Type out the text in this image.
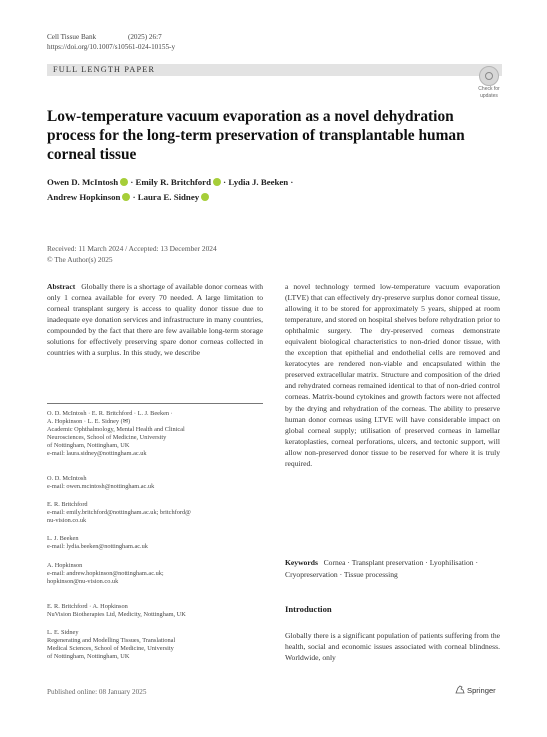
Cell Tissue Bank	(2025) 26:7
https://doi.org/10.1007/s10561-024-10155-y
FULL LENGTH PAPER
Check for
updates
Low-temperature vacuum evaporation as a novel dehydration process for the long-term preservation of transplantable human corneal tissue
Owen D. McIntosh · Emily R. Britchford · Lydia J. Beeken ·
Andrew Hopkinson · Laura E. Sidney
Received: 11 March 2024 / Accepted: 13 December 2024
© The Author(s) 2025
Abstract Globally there is a shortage of available donor corneas with only 1 cornea available for every 70 needed. A large limitation to corneal transplant surgery is access to quality donor tissue due to inadequate eye donation services and infrastructure in many countries, compounded by the fact that there are few available long-term storage solutions for effectively preserving spare donor corneas collected in countries with a surplus. In this study, we describe
O. D. McIntosh · E. R. Britchford · L. J. Beeken ·
A. Hopkinson · L. E. Sidney (✉)
Academic Ophthalmology, Mental Health and Clinical
Neurosciences, School of Medicine, University
of Nottingham, Nottingham, UK
e-mail: laura.sidney@nottingham.ac.uk
O. D. McIntosh
e-mail: owen.mcintosh@nottingham.ac.uk
E. R. Britchford
e-mail: emily.britchford@nottingham.ac.uk; britchford@
nu-vision.co.uk
L. J. Beeken
e-mail: lydia.beeken@nottingham.ac.uk
A. Hopkinson
e-mail: andrew.hopkinson@nottingham.ac.uk;
hopkinson@nu-vision.co.uk
E. R. Britchford · A. Hopkinson
NuVision Biotherapies Ltd, Medicity, Nottingham, UK
L. E. Sidney
Regenerating and Modelling Tissues, Translational
Medical Sciences, School of Medicine, University
of Nottingham, Nottingham, UK
a novel technology termed low-temperature vacuum evaporation (LTVE) that can effectively dry-preserve surplus donor corneal tissue, allowing it to be stored for approximately 5 years, shipped at room temperature, and stored on hospital shelves before rehydration prior to ophthalmic surgery. The dry-preserved corneas demonstrate equivalent biological characteristics to non-dried donor tissue, with the exception that epithelial and endothelial cells are removed and keratocytes are rendered non-viable and encapsulated within the preserved extracellular matrix. Structure and composition of the dried and rehydrated corneas remained identical to that of non-dried control corneas. Matrix-bound cytokines and growth factors were not affected by the drying and rehydration of the corneas. The ability to preserve human donor corneas using LTVE will have considerable impact on global corneal supply; utilisation of preserved corneas in lamellar keratoplasties, corneal perforations, ulcers, and tectonic support, will allow non-preserved donor tissue to be reserved for where it is truly required.
Keywords Cornea · Transplant preservation · Lyophilisation · Cryopreservation · Tissue processing
Introduction
Globally there is a significant population of patients suffering from the health, social and economic issues associated with corneal blindness. Worldwide, only
Published online: 08 January 2025	Springer
